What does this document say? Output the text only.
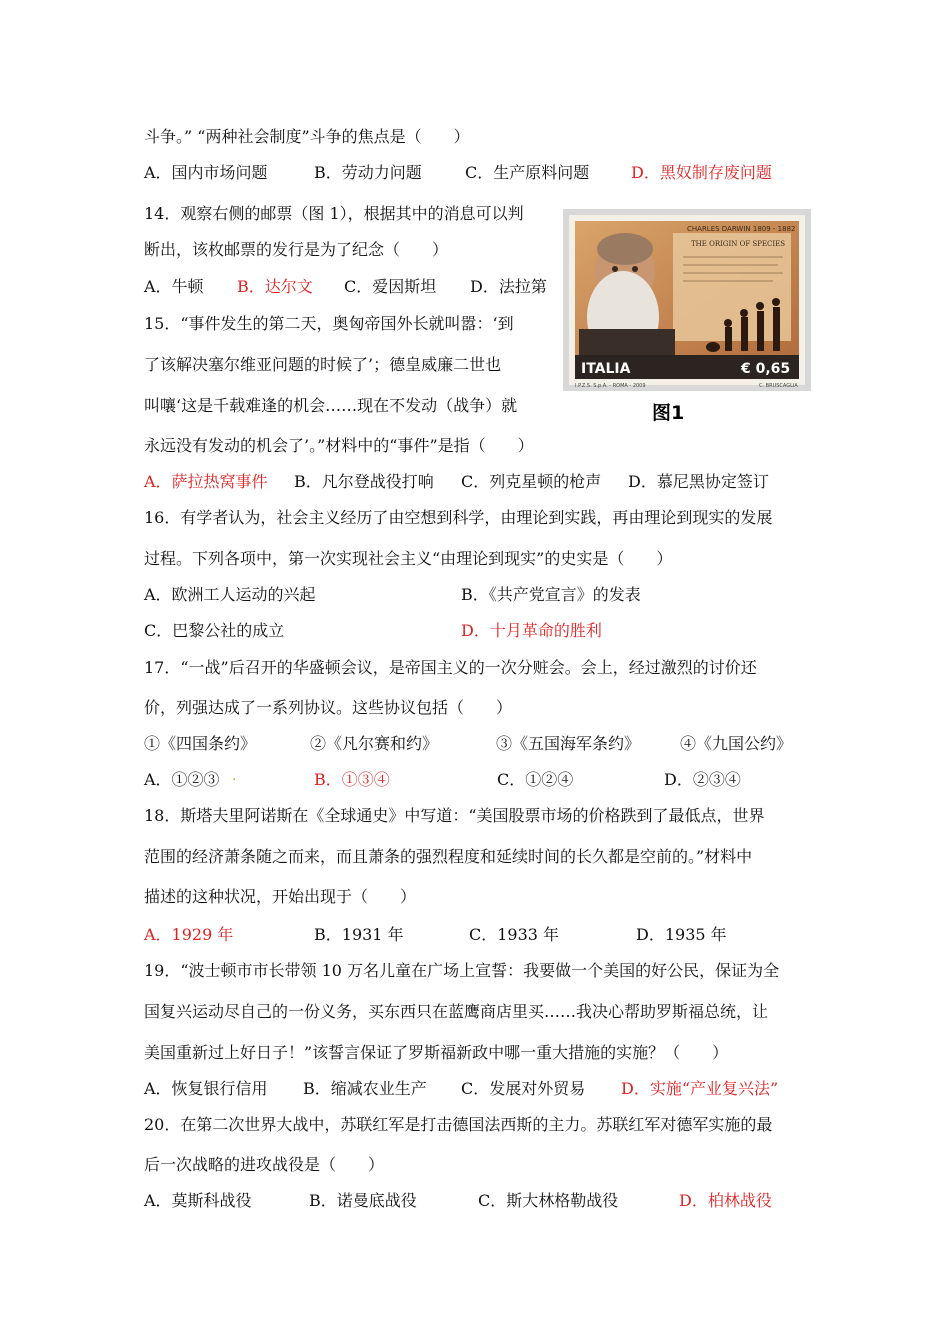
斗争。” “两种社会制度”斗争的焦点是（　　）
A．国内市场问题	B．劳动力问题	C．生产原料问题	D．黑奴制存废问题
14．观察右侧的邮票（图 1），根据其中的消息可以判
断出，该枚邮票的发行是为了纪念（　　）
A．牛顿 B．达尔文 C．爱因斯坦 D．法拉第
15．“事件发生的第二天，奥匈帝国外长就叫嚣：‘到
了该解决塞尔维亚问题的时候了’；德皇威廉二世也
叫嚷‘这是千载难逢的机会……现在不发动（战争）就
永远没有发动的机会了’。”材料中的“事件”是指（　　）
A．萨拉热窝事件 B．凡尔登战役打响 C．列克星顿的枪声 D．慕尼黑协定签订
CHARLES DARWIN 1809 - 1882
THE ORIGIN OF SPECIES
ITALIA	€ 0,65
I.P.Z.S. S.p.A. - ROMA - 2009	C. BRUSCAGLIA
图1
16．有学者认为，社会主义经历了由空想到科学，由理论到实践，再由理论到现实的发展
过程。下列各项中，第一次实现社会主义“由理论到现实”的史实是（　　）
A．欧洲工人运动的兴起	B．《共产党宣言》的发表
C．巴黎公社的成立	D．十月革命的胜利
17．“一战”后召开的华盛顿会议，是帝国主义的一次分赃会。会上，经过激烈的讨价还
价，列强达成了一系列协议。这些协议包括（　　）
①《四国条约》	②《凡尔赛和约》	③《五国海军条约》 ④《九国公约》
A．①②③ .	B．①③④	C．①②④	D．②③④
18．斯塔夫里阿诺斯在《全球通史》中写道：“美国股票市场的价格跌到了最低点，世界
范围的经济萧条随之而来，而且萧条的强烈程度和延续时间的长久都是空前的。”材料中
描述的这种状况，开始出现于（　　）
A．1929 年	B．1931 年	C．1933 年	D．1935 年
19．“波士顿市市长带领 10 万名儿童在广场上宣誓：我要做一个美国的好公民，保证为全
国复兴运动尽自己的一份义务，买东西只在蓝鹰商店里买……我决心帮助罗斯福总统，让
美国重新过上好日子！”该誓言保证了罗斯福新政中哪一重大措施的实施？（　　）
A．恢复银行信用 B．缩减农业生产 C．发展对外贸易 D．实施“产业复兴法”
20．在第二次世界大战中，苏联红军是打击德国法西斯的主力。苏联红军对德军实施的最
后一次战略的进攻战役是（　　）
A．莫斯科战役	B．诺曼底战役	C．斯大林格勒战役	D．柏林战役
